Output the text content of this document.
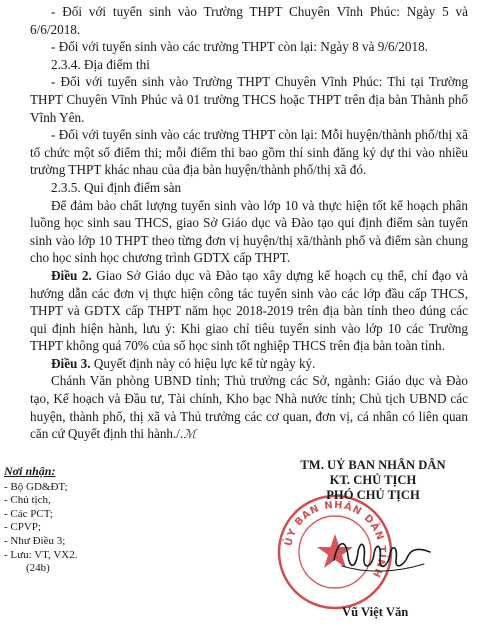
- Đối với tuyển sinh vào Trường THPT Chuyên Vĩnh Phúc: Ngày 5 và 6/6/2018.

- Đối với tuyển sinh vào các trường THPT còn lại: Ngày 8 và 9/6/2018.

2.3.4. Địa điểm thi

- Đối với tuyển sinh vào Trường THPT Chuyên Vĩnh Phúc: Thi tại Trường THPT Chuyên Vĩnh Phúc và 01 trường THCS hoặc THPT trên địa bàn Thành phố Vĩnh Yên.

- Đối với tuyển sinh vào các trường THPT còn lại: Mỗi huyện/thành phố/thị xã tổ chức một số điểm thi; mỗi điểm thi bao gồm thí sinh đăng ký dự thi vào nhiều trường THPT khác nhau của địa bàn huyện/thành phố/thị xã đó.

2.3.5. Qui định điểm sàn

Để đảm bảo chất lượng tuyển sinh vào lớp 10 và thực hiện tốt kế hoạch phân luồng học sinh sau THCS, giao Sở Giáo dục và Đào tạo qui định điểm sàn tuyển sinh vào lớp 10 THPT theo từng đơn vị huyện/thị xã/thành phố và điểm sàn chung cho học sinh học chương trình GDTX cấp THPT.

Điều 2. Giao Sở Giáo dục và Đào tạo xây dựng kế hoạch cụ thể, chỉ đạo và hướng dẫn các đơn vị thực hiện công tác tuyển sinh vào các lớp đầu cấp THCS, THPT và GDTX cấp THPT năm học 2018-2019 trên địa bàn tỉnh theo đúng các qui định hiện hành, lưu ý: Khi giao chỉ tiêu tuyển sinh vào lớp 10 các Trường THPT không quá 70% của số học sinh tốt nghiệp THCS trên địa bàn toàn tỉnh.

Điều 3. Quyết định này có hiệu lực kể từ ngày ký.

Chánh Văn phòng UBND tỉnh; Thủ trưởng các Sở, ngành: Giáo dục và Đào tạo, Kế hoạch và Đầu tư, Tài chính, Kho bạc Nhà nước tỉnh; Chủ tịch UBND các huyện, thành phố, thị xã và Thủ trưởng các cơ quan, đơn vị, cá nhân có liên quan căn cứ Quyết định thi hành./.ℳ

Nơi nhận:
- Bộ GD&ĐT;
- Chủ tịch,
- Các PCT;
- CPVP;
- Như Điều 3;
- Lưu: VT, VX2.
(24b)
ỦY BAN NHÂN DÂN TỈNH
TM. UỶ BAN NHÂN DÂN
KT. CHỦ TỊCH
PHÓ CHỦ TỊCH
Vũ Việt Văn
